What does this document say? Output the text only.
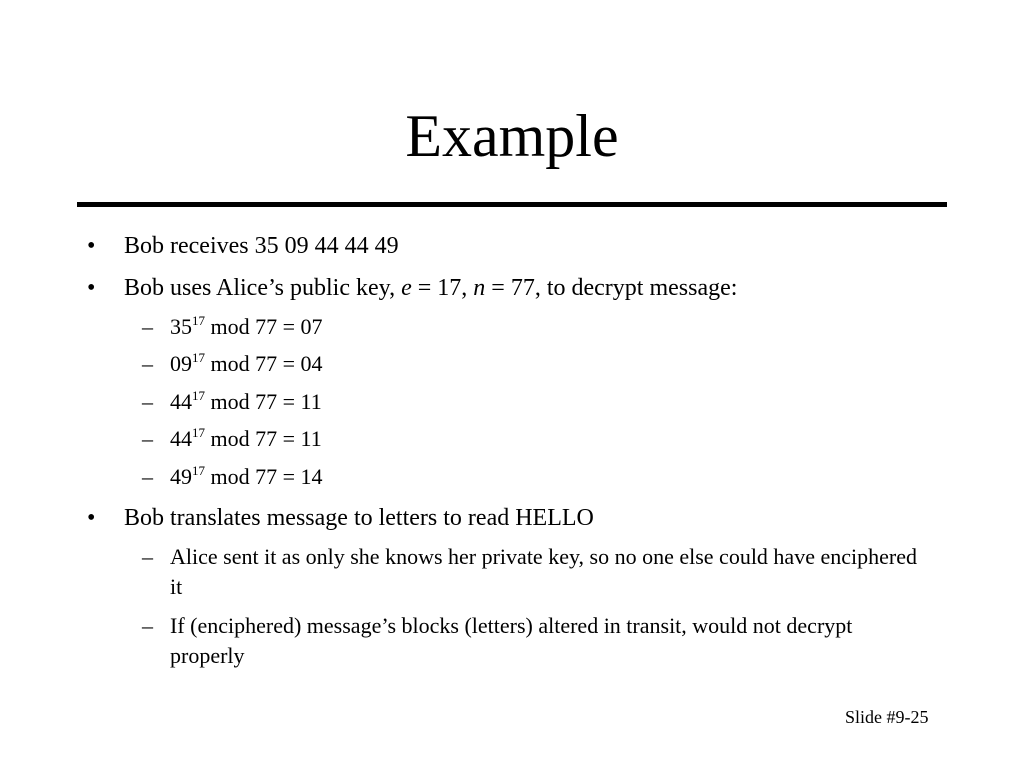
Example
• Bob receives 35 09 44 44 49
• Bob uses Alice’s public key, e = 17, n = 77, to decrypt message:
– $35^{17}$ mod 77 = 07
– $09^{17}$ mod 77 = 04
– $44^{17}$ mod 77 = 11
– $44^{17}$ mod 77 = 11
– $49^{17}$ mod 77 = 14
• Bob translates message to letters to read HELLO
– Alice sent it as only she knows her private key, so no one else could have enciphered it
– If (enciphered) message’s blocks (letters) altered in transit, would not decrypt properly
Slide #9-25
